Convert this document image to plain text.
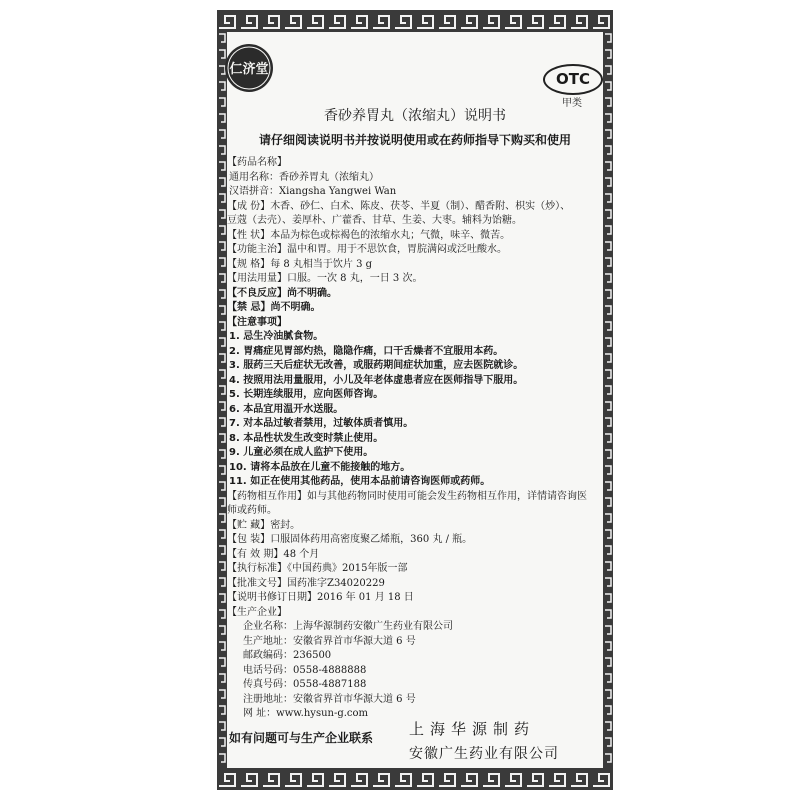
仁济堂
OTC
甲类
香砂养胃丸（浓缩丸）说明书
请仔细阅读说明书并按说明使用或在药师指导下购买和使用
【药品名称】
通用名称：香砂养胃丸（浓缩丸）
汉语拼音：Xiangsha Yangwei Wan
【成 份】木香、砂仁、白术、陈皮、茯苓、半夏（制）、醋香附、枳实（炒）、
豆蔻（去壳）、姜厚朴、广藿香、甘草、生姜、大枣。辅料为饴糖。
【性 状】本品为棕色或棕褐色的浓缩水丸；气微，味辛、微苦。
【功能主治】温中和胃。用于不思饮食，胃脘满闷或泛吐酸水。
【规 格】每 8 丸相当于饮片 3 g
【用法用量】口服。一次 8 丸，一日 3 次。
【不良反应】尚不明确。
【禁 忌】尚不明确。
【注意事项】
1. 忌生冷油腻食物。
2. 胃痛症见胃部灼热，隐隐作痛，口干舌燥者不宜服用本药。
3. 服药三天后症状无改善，或服药期间症状加重，应去医院就诊。
4. 按照用法用量服用，小儿及年老体虚患者应在医师指导下服用。
5. 长期连续服用，应向医师咨询。
6. 本品宜用温开水送服。
7. 对本品过敏者禁用，过敏体质者慎用。
8. 本品性状发生改变时禁止使用。
9. 儿童必须在成人监护下使用。
10. 请将本品放在儿童不能接触的地方。
11. 如正在使用其他药品，使用本品前请咨询医师或药师。
【药物相互作用】如与其他药物同时使用可能会发生药物相互作用，详情请咨询医
师或药师。
【贮 藏】密封。
【包 装】口服固体药用高密度聚乙烯瓶，360 丸 / 瓶。
【有 效 期】48 个月
【执行标准】《中国药典》2015年版一部
【批准文号】国药准字Z34020229
【说明书修订日期】2016 年 01 月 18 日
【生产企业】
企业名称：上海华源制药安徽广生药业有限公司
生产地址：安徽省界首市华源大道 6 号
邮政编码：236500
电话号码：0558-4888888
传真号码：0558-4887188
注册地址：安徽省界首市华源大道 6 号
网 址：www.hysun-g.com
如有问题可与生产企业联系 上海华源制药
安徽广生药业有限公司
